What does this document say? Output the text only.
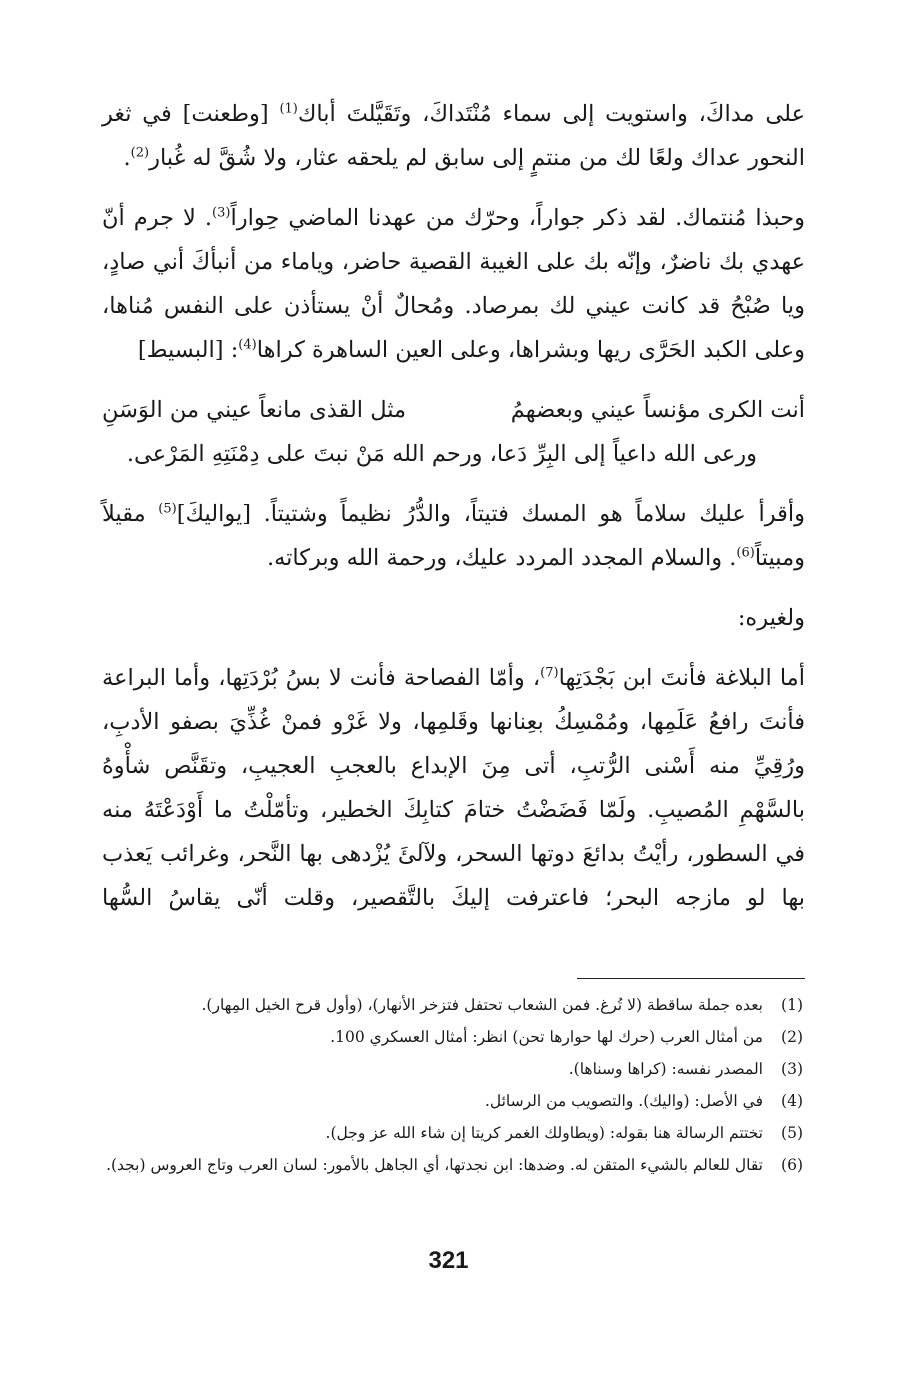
على مداكَ، واستويت إلى سماء مُنْتَداكَ، وتَقَيَّلتَ أباك$^{(1)}$ [وطعنت] في ثغر النحور عداك ولعًا لك من منتمٍ إلى سابق لم يلحقه عثار، ولا شُقَّ له غُبار$^{(2)}$.

وحبذا مُنتماك. لقد ذكر جواراً، وحرّك من عهدنا الماضي حِواراً$^{(3)}$. لا جرم أنّ عهدي بك ناضرٌ، وإنّه بك على الغيبة القصية حاضر، وياماء من أنبأكَ أني صادٍ، ويا صُبْحُ قد كانت عيني لك بمرصاد. ومُحالٌ أنْ يستأذن على النفس مُناها، وعلى الكبد الحَرَّى ريها وبشراها، وعلى العين الساهرة كراها$^{(4)}$: [البسيط]

أنت الكرى مؤنساً عيني وبعضهمُ
مثل القذى مانعاً عيني من الوَسَنِ

ورعى الله داعياً إلى البِرِّ دَعا، ورحم الله مَنْ نبتَ على دِمْنَتِهِ المَرْعى.

وأقرأ عليك سلاماً هو المسك فتيتاً، والدُّرُ نظيماً وشتيتاً. [يواليكَ]$^{(5)}$ مقيلاً ومبيتاً$^{(6)}$. والسلام المجدد المردد عليك، ورحمة الله وبركاته.

ولغيره:

أما البلاغة فأنتَ ابن بَجْدَتِها$^{(7)}$، وأمّا الفصاحة فأنت لا بسُ بُرْدَتِها، وأما البراعة فأنتَ رافعُ عَلَمِها، ومُمْسِكُ بعِنانها وقَلمِها، ولا غَرْو فمنْ غُذِّيَ بصفو الأدبِ، ورُقِيِّ منه أَسْنى الرُّتبِ، أتى مِنَ الإبداع بالعجبِ العجيبِ، وتقَنَّص شأْوهُ بالسَّهْمِ المُصيبِ. ولَمّا فَضَضْتُ ختامَ كتابِكَ الخطير، وتأمّلْتُ ما أَوْدَعْتَهُ منه في السطور، رأيْتُ بدائعَ دوتها السحر، ولآلئَ يُزْدهى بها النَّحر، وغرائب يَعذب بها لو مازجه البحر؛ فاعترفت إليكَ بالتَّقصير، وقلت أنّى يقاسُ السُّها

(1)
بعده جملة ساقطة (لا تُرغ. فمن الشعاب تحتفل فتزخر الأنهار)، (وأول قرح الخيل المِهار).
(2)
من أمثال العرب (حرك لها حوارها تحن) انظر: أمثال العسكري 100.
(3)
المصدر نفسه: (كراها وسناها).
(4)
في الأصل: (واليك). والتصويب من الرسائل.
(5)
تختتم الرسالة هنا بقوله: (ويطاولك الغمر كريتا إن شاء الله عز وجل).
(6)
تقال للعالم بالشيء المتقن له. وضدها: ابن نجدتها، أي الجاهل بالأمور: لسان العرب وتاج العروس (بجد).
321
